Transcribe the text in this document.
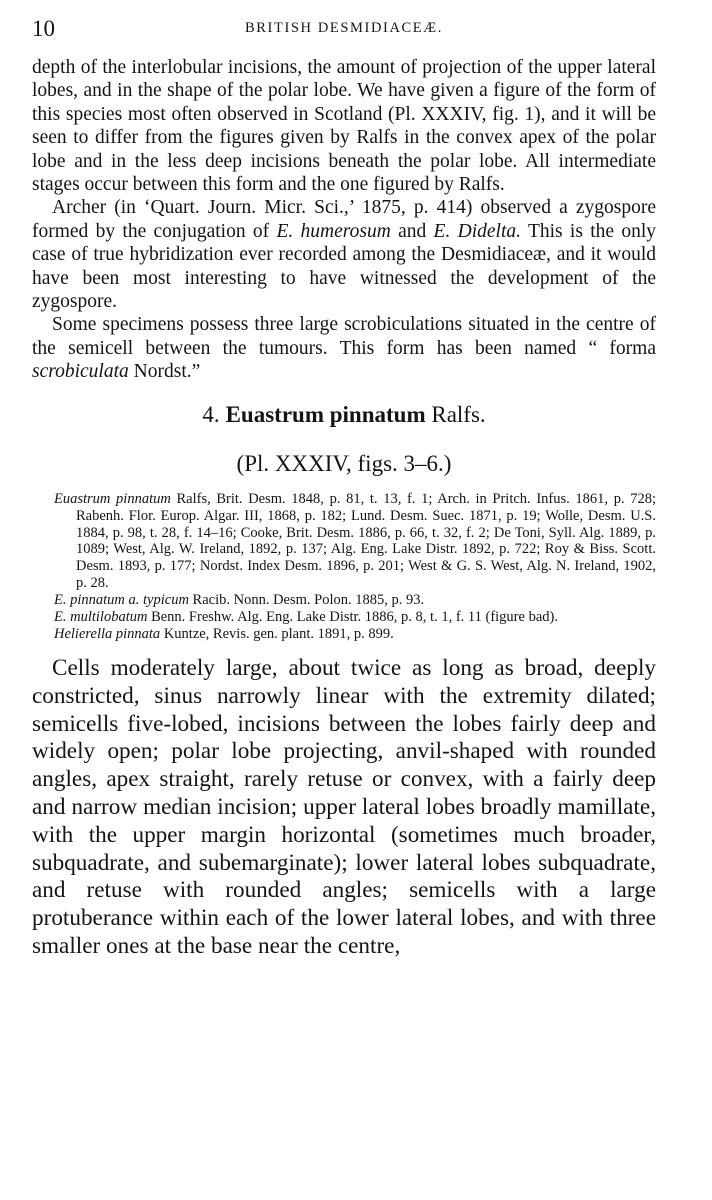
10	BRITISH DESMIDIACEÆ.

depth of the interlobular incisions, the amount of projection of the upper lateral lobes, and in the shape of the polar lobe. We have given a figure of the form of this species most often observed in Scotland (Pl. XXXIV, fig. 1), and it will be seen to differ from the figures given by Ralfs in the convex apex of the polar lobe and in the less deep incisions beneath the polar lobe. All intermediate stages occur between this form and the one figured by Ralfs.

Archer (in ‘Quart. Journ. Micr. Sci.,’ 1875, p. 414) observed a zygospore formed by the conjugation of E. humerosum and E. Didelta. This is the only case of true hybridization ever recorded among the Desmidiaceæ, and it would have been most interesting to have witnessed the development of the zygospore.

Some specimens possess three large scrobiculations situated in the centre of the semicell between the tumours. This form has been named “ forma scrobiculata Nordst.”

4. Euastrum pinnatum Ralfs.

(Pl. XXXIV, figs. 3–6.)

Euastrum pinnatum Ralfs, Brit. Desm. 1848, p. 81, t. 13, f. 1; Arch. in Pritch. Infus. 1861, p. 728; Rabenh. Flor. Europ. Algar. III, 1868, p. 182; Lund. Desm. Suec. 1871, p. 19; Wolle, Desm. U.S. 1884, p. 98, t. 28, f. 14–16; Cooke, Brit. Desm. 1886, p. 66, t. 32, f. 2; De Toni, Syll. Alg. 1889, p. 1089; West, Alg. W. Ireland, 1892, p. 137; Alg. Eng. Lake Distr. 1892, p. 722; Roy & Biss. Scott. Desm. 1893, p. 177; Nordst. Index Desm. 1896, p. 201; West & G. S. West, Alg. N. Ireland, 1902, p. 28.

E. pinnatum a. typicum Racib. Nonn. Desm. Polon. 1885, p. 93.

E. multilobatum Benn. Freshw. Alg. Eng. Lake Distr. 1886, p. 8, t. 1, f. 11 (figure bad).

Helierella pinnata Kuntze, Revis. gen. plant. 1891, p. 899.

Cells moderately large, about twice as long as broad, deeply constricted, sinus narrowly linear with the extremity dilated; semicells five-lobed, incisions between the lobes fairly deep and widely open; polar lobe projecting, anvil-shaped with rounded angles, apex straight, rarely retuse or convex, with a fairly deep and narrow median incision; upper lateral lobes broadly mamillate, with the upper margin horizontal (sometimes much broader, subquadrate, and subemarginate); lower lateral lobes subquadrate, and retuse with rounded angles; semicells with a large protuberance within each of the lower lateral lobes, and with three smaller ones at the base near the centre,
